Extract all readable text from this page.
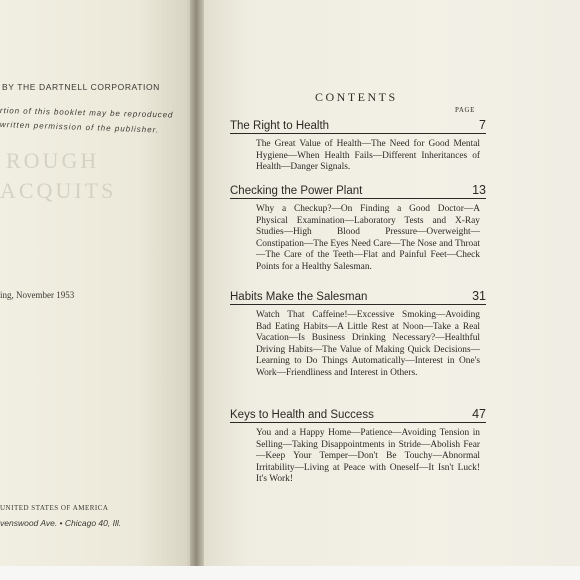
BY THE DARTNELL CORPORATION
rtion of this booklet may be reproduced
written permission of the publisher.
ROUGH
ACQUITS
ing, November 1953
UNITED STATES OF AMERICA
venswood Ave. • Chicago 40, Ill.
CONTENTS
PAGE
The Right to Health	7
The Great Value of Health—The Need for Good Mental Hygiene—When Health Fails—Different Inheritances of Health—Danger Signals.
Checking the Power Plant	13
Why a Checkup?—On Finding a Good Doctor—A Physical Examination—Laboratory Tests and X-Ray Studies—High Blood Pressure—Overweight—Constipation—The Eyes Need Care—The Nose and Throat—The Care of the Teeth—Flat and Painful Feet—Check Points for a Healthy Salesman.
Habits Make the Salesman	31
Watch That Caffeine!—Excessive Smoking—Avoiding Bad Eating Habits—A Little Rest at Noon—Take a Real Vacation—Is Business Drinking Necessary?—Healthful Driving Habits—The Value of Making Quick Decisions—Learning to Do Things Automatically—Interest in One's Work—Friendliness and Interest in Others.
Keys to Health and Success	47
You and a Happy Home—Patience—Avoiding Tension in Selling—Taking Disappointments in Stride—Abolish Fear—Keep Your Temper—Don't Be Touchy—Abnormal Irritability—Living at Peace with Oneself—It Isn't Luck! It's Work!
